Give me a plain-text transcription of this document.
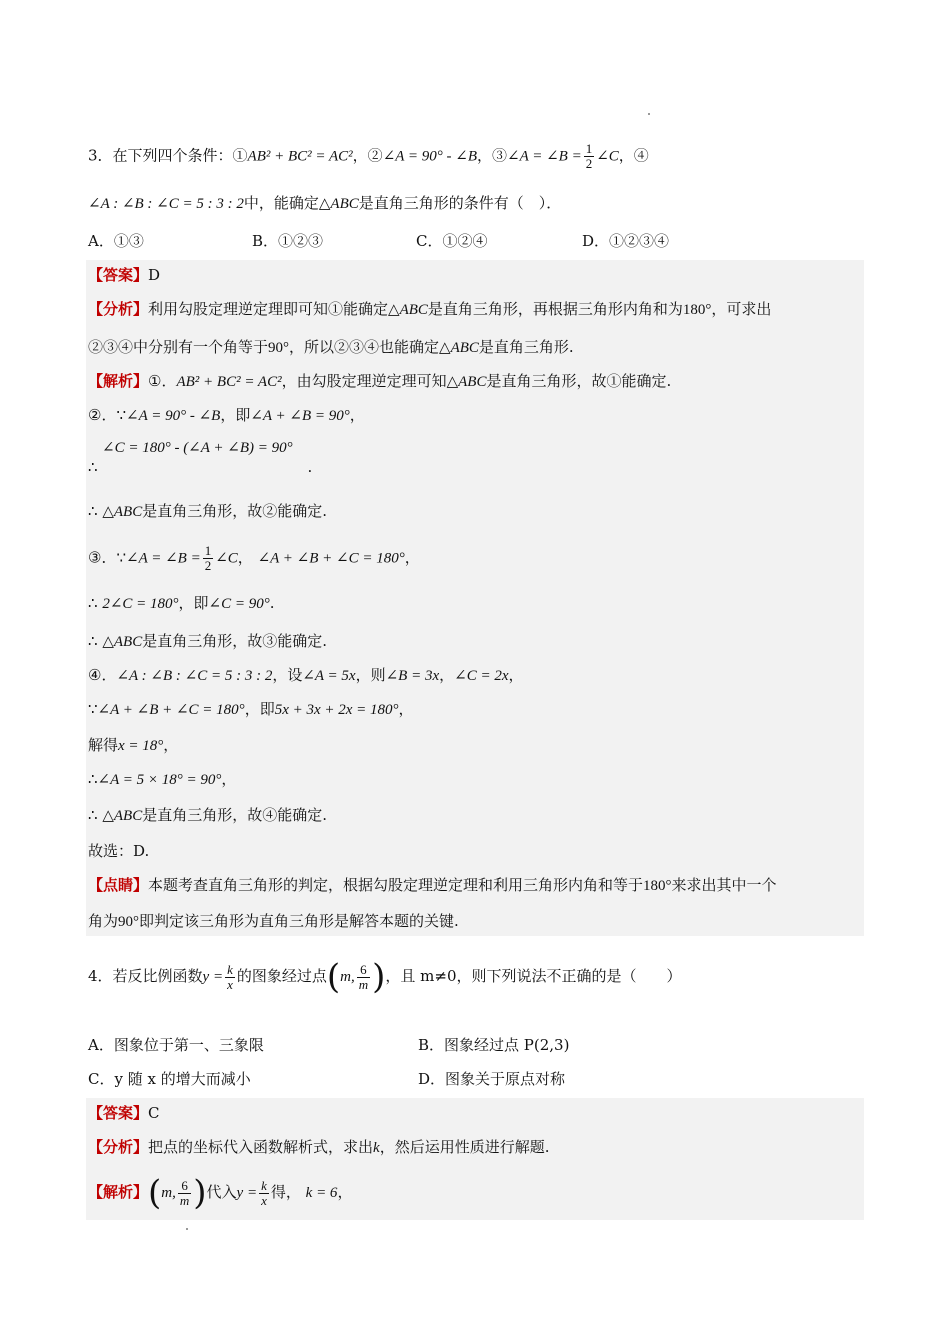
3．在下列四个条件：①AB² + BC² = AC²，②∠A = 90° - ∠B，③∠A = ∠B = $\frac{1}{2}$ ∠C，④
∠A : ∠B : ∠C = 5 : 3 : 2中，能确定△ABC是直角三角形的条件有（　）．
A．①③	B．①②③	C．①②④	D．①②③④
【答案】D
【分析】利用勾股定理逆定理即可知①能确定△ABC是直角三角形，再根据三角形内角和为180°，可求出
②③④中分别有一个角等于90°，所以②③④也能确定△ABC是直角三角形.
【解析】①．AB² + BC² = AC²，由勾股定理逆定理可知△ABC是直角三角形，故①能确定.
②．∵∠A = 90° - ∠B，即∠A + ∠B = 90°，
∠C = 180° - (∠A + ∠B) = 90°
∴	.
∴ △ABC是直角三角形，故②能确定.
③．∵∠A = ∠B = $\frac{1}{2}$ ∠C， ∠A + ∠B + ∠C = 180°，
∴ 2∠C = 180°，即∠C = 90°.
∴ △ABC是直角三角形，故③能确定.
④．∠A : ∠B : ∠C = 5 : 3 : 2，设∠A = 5x，则∠B = 3x，∠C = 2x，
∵∠A + ∠B + ∠C = 180°，即5x + 3x + 2x = 180°，
解得x = 18°，
∴∠A = 5 × 18° = 90°，
∴ △ABC是直角三角形，故④能确定.
故选：D.
【点睛】本题考查直角三角形的判定，根据勾股定理逆定理和利用三角形内角和等于180°来求出其中一个
角为90°即判定该三角形为直角三角形是解答本题的关键.
4．若反比例函数$y = \frac{k}{x}$ 的图象经过点(m, $\frac{6}{m}$ )，且 m≠0，则下列说法不正确的是（　　）
A．图象位于第一、三象限	B．图象经过点 P(2,3)
C．y 随 x 的增大而减小	D．图象关于原点对称
【答案】C
【分析】把点的坐标代入函数解析式，求出k，然后运用性质进行解题.
【解析】(m, $\frac{6}{m}$ )代入$y = \frac{k}{x}$ 得， k = 6，
